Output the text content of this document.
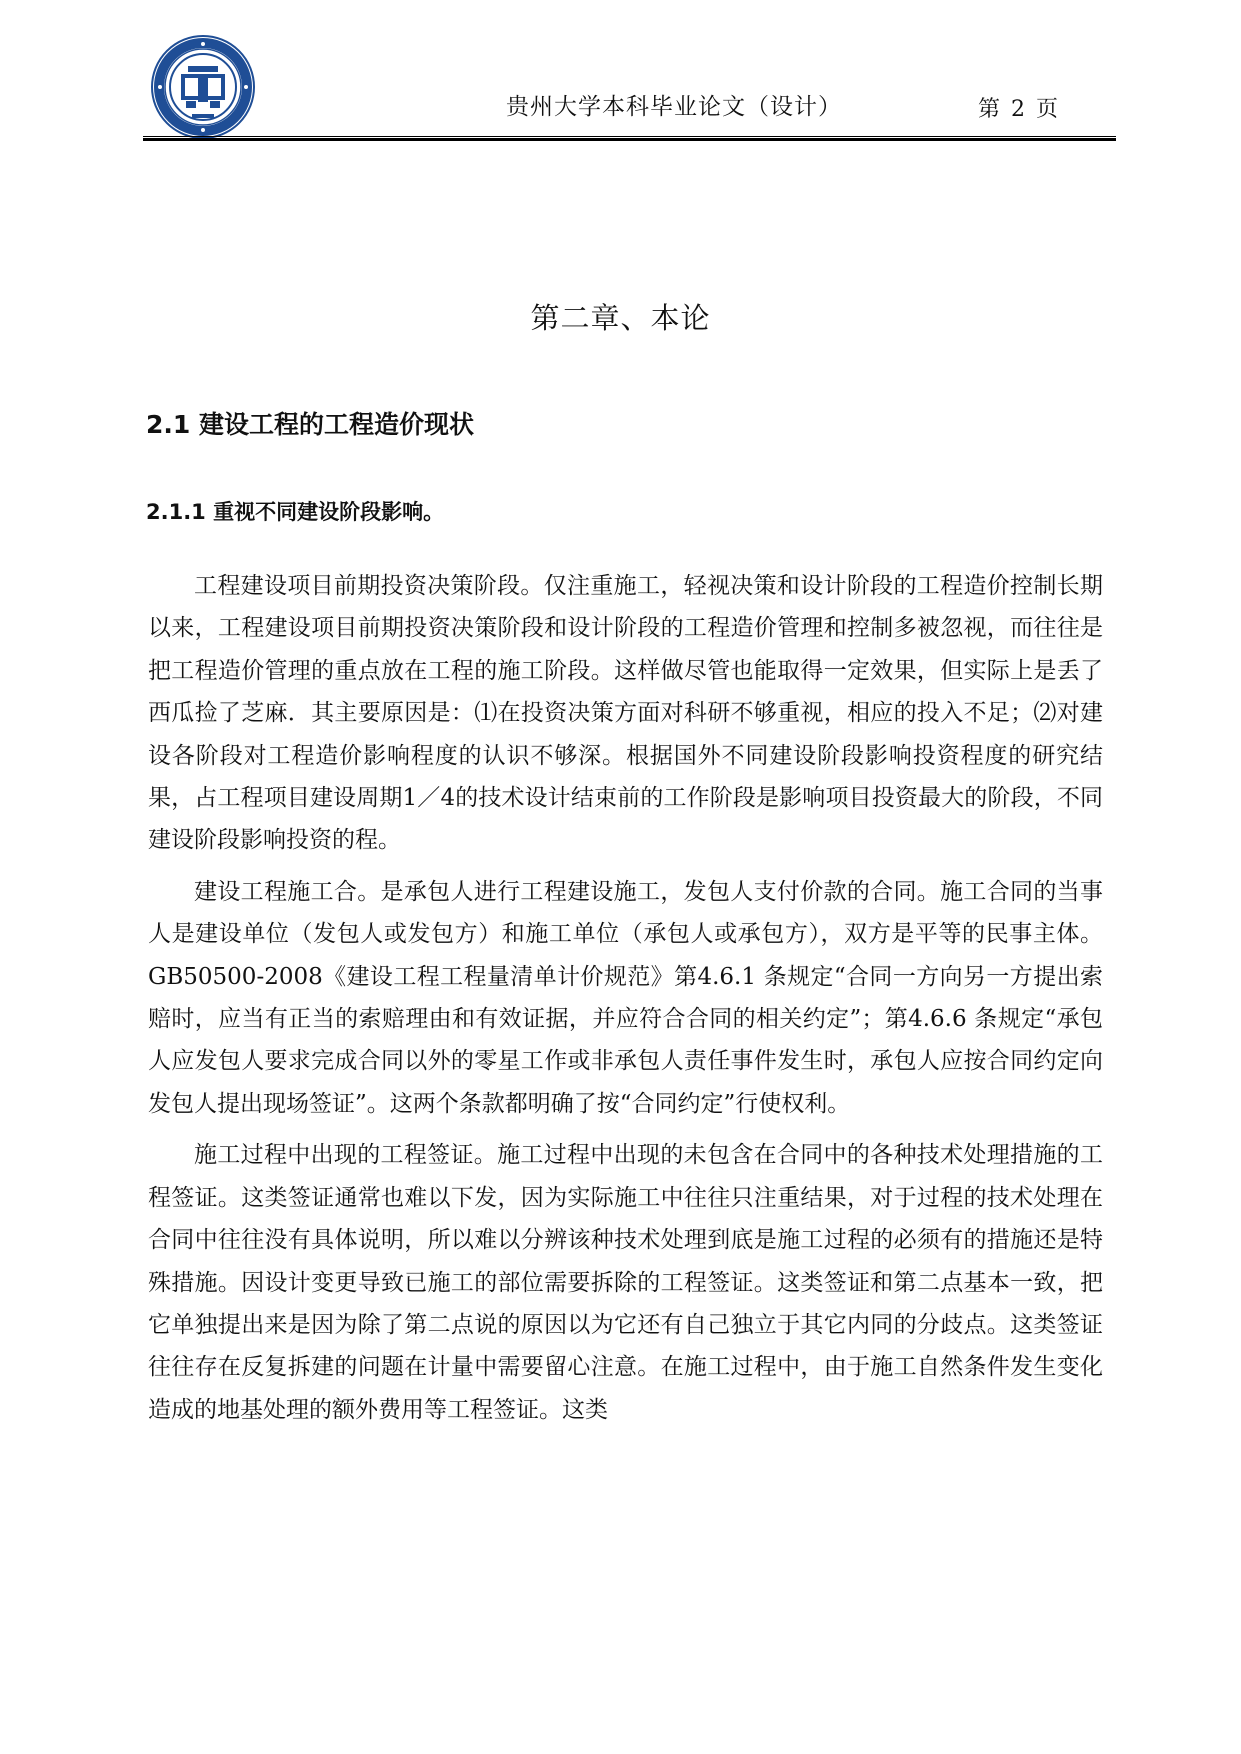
贵州大学本科毕业论文（设计）	第 2 页
第二章、本论
2.1 建设工程的工程造价现状
2.1.1 重视不同建设阶段影响。

工程建设项目前期投资决策阶段。仅注重施工，轻视决策和设计阶段的工程造价控制长期以来，工程建设项目前期投资决策阶段和设计阶段的工程造价管理和控制多被忽视，而往往是把工程造价管理的重点放在工程的施工阶段。这样做尽管也能取得一定效果，但实际上是丢了西瓜捡了芝麻．其主要原因是：⑴在投资决策方面对科研不够重视，相应的投入不足；⑵对建设各阶段对工程造价影响程度的认识不够深。根据国外不同建设阶段影响投资程度的研究结果，占工程项目建设周期1／4的技术设计结束前的工作阶段是影响项目投资最大的阶段，不同建设阶段影响投资的程。

建设工程施工合。是承包人进行工程建设施工，发包人支付价款的合同。施工合同的当事人是建设单位（发包人或发包方）和施工单位（承包人或承包方），双方是平等的民事主体。GB50500-2008《建设工程工程量清单计价规范》第4.6.1 条规定“合同一方向另一方提出索赔时，应当有正当的索赔理由和有效证据，并应符合合同的相关约定”；第4.6.6 条规定“承包人应发包人要求完成合同以外的零星工作或非承包人责任事件发生时，承包人应按合同约定向发包人提出现场签证”。这两个条款都明确了按“合同约定”行使权利。

施工过程中出现的工程签证。施工过程中出现的未包含在合同中的各种技术处理措施的工程签证。这类签证通常也难以下发，因为实际施工中往往只注重结果，对于过程的技术处理在合同中往往没有具体说明，所以难以分辨该种技术处理到底是施工过程的必须有的措施还是特殊措施。因设计变更导致已施工的部位需要拆除的工程签证。这类签证和第二点基本一致，把它单独提出来是因为除了第二点说的原因以为它还有自己独立于其它内同的分歧点。这类签证往往存在反复拆建的问题在计量中需要留心注意。在施工过程中，由于施工自然条件发生变化造成的地基处理的额外费用等工程签证。这类
